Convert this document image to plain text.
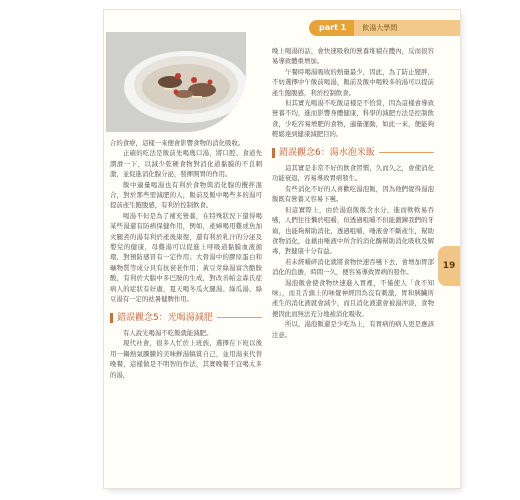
part 1	飲湯大學問

合的食療，這樣一來便會影響食物的消化吸收。

正確的吃法是飯前先喝幾口湯，將口腔、食道先潤滑一下，以減少乾硬食物對消化道黏膜的不良刺激，並促進消化腺分泌，發揮開胃的作用。

飯中適量喝湯也有利於食物與消化腺的攪拌混合，對於那些需減肥的人，飯前及飯中喝些多的湯可提前產生飽腹感，有利於控制飲食。

喝湯不但是為了補充營養，在特殊狀況下還得喝某些湯還有防病保健作用，例如，產婦喝用雞或魚加火腿煮的湯有利於產後康復，還有利於乳汁的分泌及嬰兒的健康，母雞湯可以促進上呼吸道黏膜血液循環，對預防感冒有一定作用；大骨湯中的膠原蛋白和礦物質等成分具有抗衰老作用；黃豆芽絲湯富含酪胺酸，有利於大腦中多巴胺的生成，對改善帕金森氏症病人的症狀有好處，夏天喝冬瓜火腿湯、綠瓜湯、綠豆湯有一定的祛暑健脾作用。

錯誤觀念5：光喝湯減肥

有人說光喝湯不吃飯就能減肥。

現代社會，很多人忙於上班族，選擇在下班以後用一鍋熱氣騰騰的美味鮮湯犒賞自己，並用湯來代替晚餐，這樣做是不明智的作法，其實晚餐不宜喝太多的湯，

晚上喝湯的話，會快速吸收的營養堆積在體內，反而很容易導致體重增加。

午餐時喝湯吸收的熱量最少，因此，為了防止變胖，不妨選擇中午飯前喝湯，飯前及飯中喝較多的湯可以提前產生飽腹感，利於控制飲食。

但其實光喝湯不吃飯這樣是不恰當，因為這樣會導致營養不均，進而影響身體健康，科學的減肥方法是控制飲食，少吃容易增肥的食物，適量運動，如此一來，便能夠輕鬆達到健康減肥目的。

錯誤觀念6：湯水泡米飯

這其實是非常不好的飲食習慣，久而久之，會使消化功能衰退，容易導致胃病發生。

有些消化不好的人喜歡吃湯泡飯，因為他們覺得湯泡飯既有營養又容易下嚥。

但這實際上，由於湯泡飯飯含水分，進而軟軟易吞嚥，人們往往懶於咀嚼，但透過咀嚼不但能鍛鍊我們的牙齒，也能夠幫助消化，透過咀嚼，唾液會不斷產生，幫助食物消化，並藉由唾液中所含的消化酶幫助消化吸收及解毒，對健康十分有益。

若未經嚼碎消化就將食物快速吞嚥下去，會增加胃部消化的負擔，時間一久，便容易導致胃病的發作。

湯泡飯會使食物快速進入胃裡，不僅使人「食不知味」，而且舌頭上的味覺神經因為沒有刺激，胃和胰臟所產生的消化液就會減少，而且消化液還會被湯沖淡，食物便因此而無法充分地被消化吸收。

所以，湯泡飯還是少吃為上，有胃病的病人更是應該注意。

19
